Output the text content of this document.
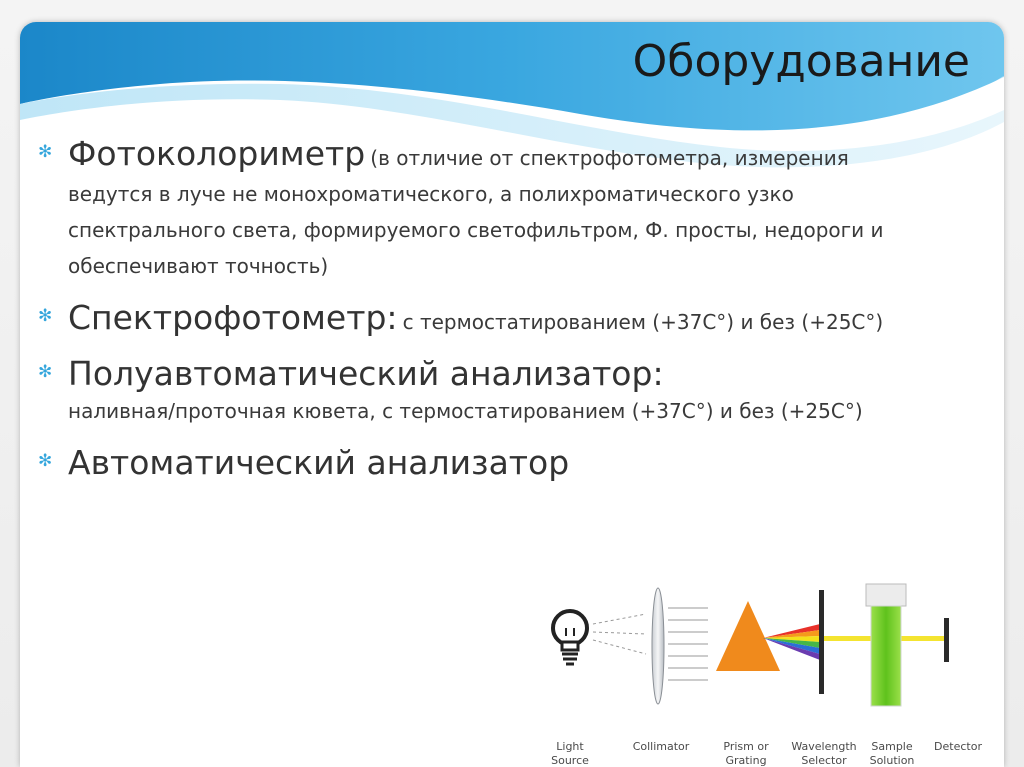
Оборудование
✻ Фотоколориметр (в отличие от спектрофотометра, измерения ведутся в луче не монохроматического, а полихроматического узко спектрального света, формируемого светофильтром, Ф. просты, недороги и обеспечивают точность)
✻ Спектрофотометр: с термостатированием (+37С°) и без (+25С°)
✻ Полуавтоматический анализатор:
наливная/проточная кювета, с термостатированием (+37С°) и без (+25С°)
✻ Автоматический анализатор
Light
Source
Collimator	Prism or
Grating
Wavelength
Selector
Sample
Solution
Detector
